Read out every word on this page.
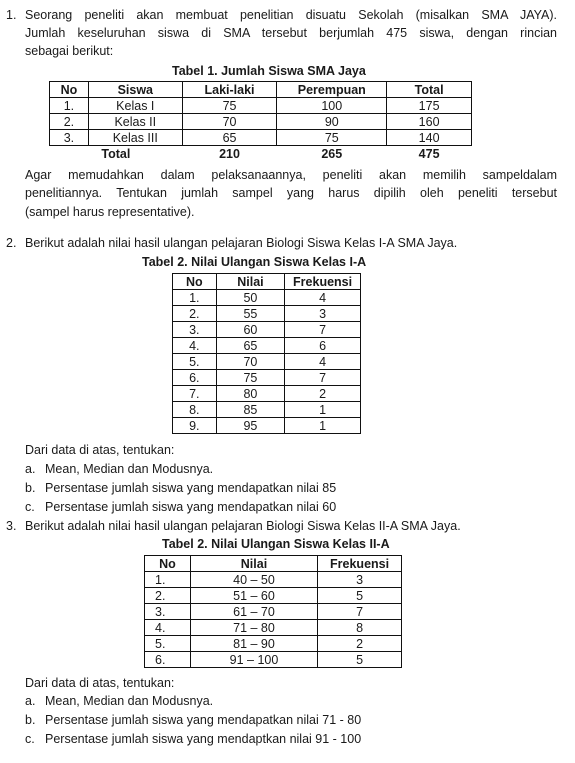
1. Seorang peneliti akan membuat penelitian disuatu Sekolah (misalkan SMA JAYA).
Jumlah keseluruhan siswa di SMA tersebut berjumlah 475 siswa, dengan rincian
sebagai berikut:
Tabel 1. Jumlah Siswa SMA Jaya
No	Siswa	Laki-laki	Perempuan	Total
1.	Kelas I	75	100	175
2.	Kelas II	70	90	160
3.	Kelas III	65	75	140
Total		210	265	475
Agar memudahkan dalam pelaksanaannya, peneliti akan memilih sampeldalam
penelitiannya. Tentukan jumlah sampel yang harus dipilih oleh peneliti tersebut
(sampel harus representative).
2. Berikut adalah nilai hasil ulangan pelajaran Biologi Siswa Kelas I-A SMA Jaya.
Tabel 2. Nilai Ulangan Siswa Kelas I-A
No	Nilai	Frekuensi
1.	50	4
2.	55	3
3.	60	7
4.	65	6
5.	70	4
6.	75	7
7.	80	2
8.	85	1
9.	95	1
Dari data di atas, tentukan:
a. Mean, Median dan Modusnya.
b. Persentase jumlah siswa yang mendapatkan nilai 85
c. Persentase jumlah siswa yang mendapatkan nilai 60
3. Berikut adalah nilai hasil ulangan pelajaran Biologi Siswa Kelas II-A SMA Jaya.
Tabel 2. Nilai Ulangan Siswa Kelas II-A
No	Nilai	Frekuensi
1.	40 – 50	3
2.	51 – 60	5
3.	61 – 70	7
4.	71 – 80	8
5.	81 – 90	2
6.	91 – 100	5
Dari data di atas, tentukan:
a. Mean, Median dan Modusnya.
b. Persentase jumlah siswa yang mendapatkan nilai 71 - 80
c. Persentase jumlah siswa yang mendaptkan nilai 91 - 100
